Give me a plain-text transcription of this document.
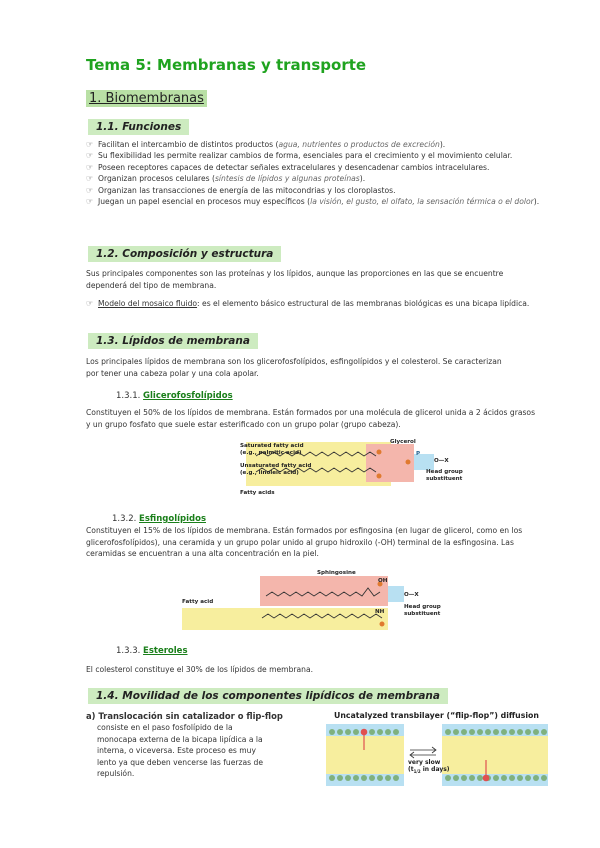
Tema 5: Membranas y transporte
1. Biomembranas
1.1. Funciones
☞ Facilitan el intercambio de distintos productos (agua, nutrientes o productos de excreción).
☞ Su flexibilidad les permite realizar cambios de forma, esenciales para el crecimiento y el movimiento celular.
☞ Poseen receptores capaces de detectar señales extracelulares y desencadenar cambios intracelulares.
☞ Organizan procesos celulares (síntesis de lípidos y algunas proteínas).
☞ Organizan las transacciones de energía de las mitocondrias y los cloroplastos.
☞ Juegan un papel esencial en procesos muy específicos (la visión, el gusto, el olfato, la sensación térmica o el dolor).
1.2. Composición y estructura
Sus principales componentes son las proteínas y los lípidos, aunque las proporciones en las que se encuentre dependerá del tipo de membrana.
☞ Modelo del mosaico fluido: es el elemento básico estructural de las membranas biológicas es una bicapa lipídica.
1.3. Lípidos de membrana
Los principales lípidos de membrana son los glicerofosfolípidos, esfingolípidos y el colesterol. Se caracterizan por tener una cabeza polar y una cola apolar.
1.3.1. Glicerofosfolípidos
Constituyen el 50% de los lípidos de membrana. Están formados por una molécula de glicerol unida a 2 ácidos grasos y un grupo fosfato que suele estar esterificado con un grupo polar (grupo cabeza).
Saturated fatty acid
(e.g., palmitic acid)
Unsaturated fatty acid
(e.g., linoleic acid)
Glycerol
P
O—X
Head group
substituent
Fatty acids
1.3.2. Esfingolípidos
Constituyen el 15% de los lípidos de membrana. Están formados por esfingosina (en lugar de glicerol, como en los glicerofosfolípidos), una ceramida y un grupo polar unido al grupo hidroxilo (-OH) terminal de la esfingosina. Las ceramidas se encuentran a una alta concentración en la piel.
Sphingosine
OH
Fatty acid
NH
O—X
Head group
substituent
1.3.3. Esteroles
El colesterol constituye el 30% de los lípidos de membrana.
1.4. Movilidad de los componentes lipídicos de membrana
a) Translocación sin catalizador o flip-flop
consiste en el paso fosfolípido de la monocapa externa de la bicapa lipídica a la interna, o viceversa. Este proceso es muy lento ya que deben vencerse las fuerzas de repulsión.
Uncatalyzed transbilayer (“flip-flop”) diffusion
very slow
($t_{1/2}$ in days)
